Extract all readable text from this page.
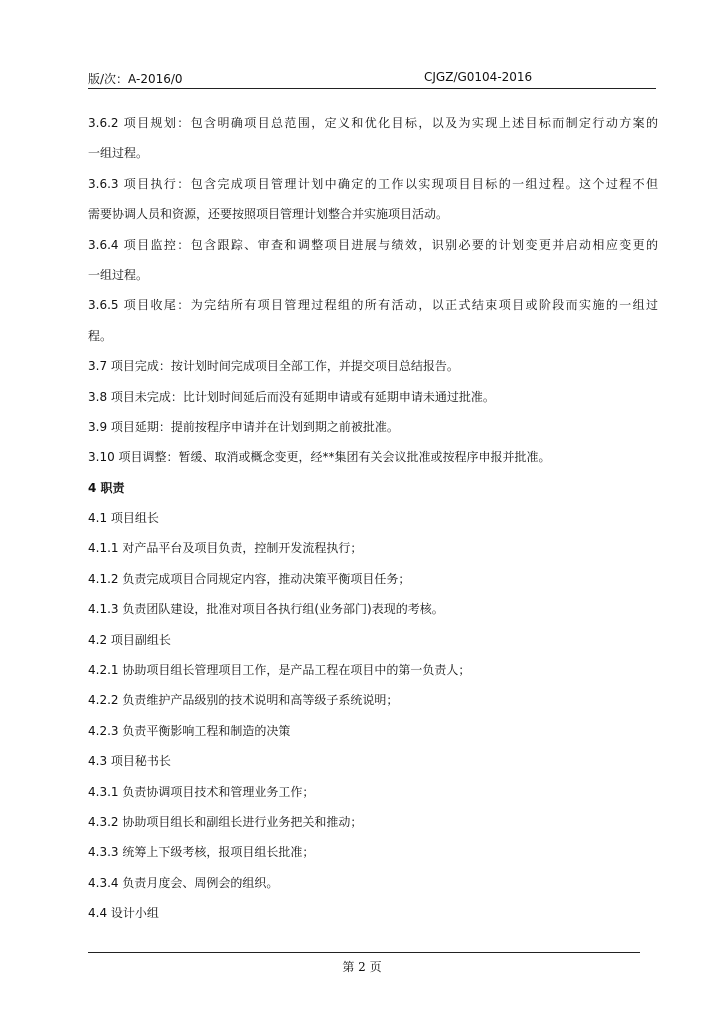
版/次：A-2016/0	CJGZ/G0104-2016
3.6.2 项目规划：包含明确项目总范围，定义和优化目标，以及为实现上述目标而制定行动方案的
一组过程。
3.6.3 项目执行：包含完成项目管理计划中确定的工作以实现项目目标的一组过程。这个过程不但
需要协调人员和资源，还要按照项目管理计划整合并实施项目活动。
3.6.4 项目监控：包含跟踪、审查和调整项目进展与绩效，识别必要的计划变更并启动相应变更的
一组过程。
3.6.5 项目收尾：为完结所有项目管理过程组的所有活动，以正式结束项目或阶段而实施的一组过
程。
3.7 项目完成：按计划时间完成项目全部工作，并提交项目总结报告。
3.8 项目未完成：比计划时间延后而没有延期申请或有延期申请未通过批准。
3.9 项目延期：提前按程序申请并在计划到期之前被批准。
3.10 项目调整：暂缓、取消或概念变更，经**集团有关会议批准或按程序申报并批准。
4 职责
4.1 项目组长
4.1.1 对产品平台及项目负责，控制开发流程执行；
4.1.2 负责完成项目合同规定内容，推动决策平衡项目任务；
4.1.3 负责团队建设，批准对项目各执行组(业务部门)表现的考核。
4.2 项目副组长
4.2.1 协助项目组长管理项目工作，是产品工程在项目中的第一负责人；
4.2.2 负责维护产品级别的技术说明和高等级子系统说明；
4.2.3 负责平衡影响工程和制造的决策
4.3 项目秘书长
4.3.1 负责协调项目技术和管理业务工作；
4.3.2 协助项目组长和副组长进行业务把关和推动；
4.3.3 统筹上下级考核，报项目组长批准；
4.3.4 负责月度会、周例会的组织。
4.4 设计小组
第 2 页
